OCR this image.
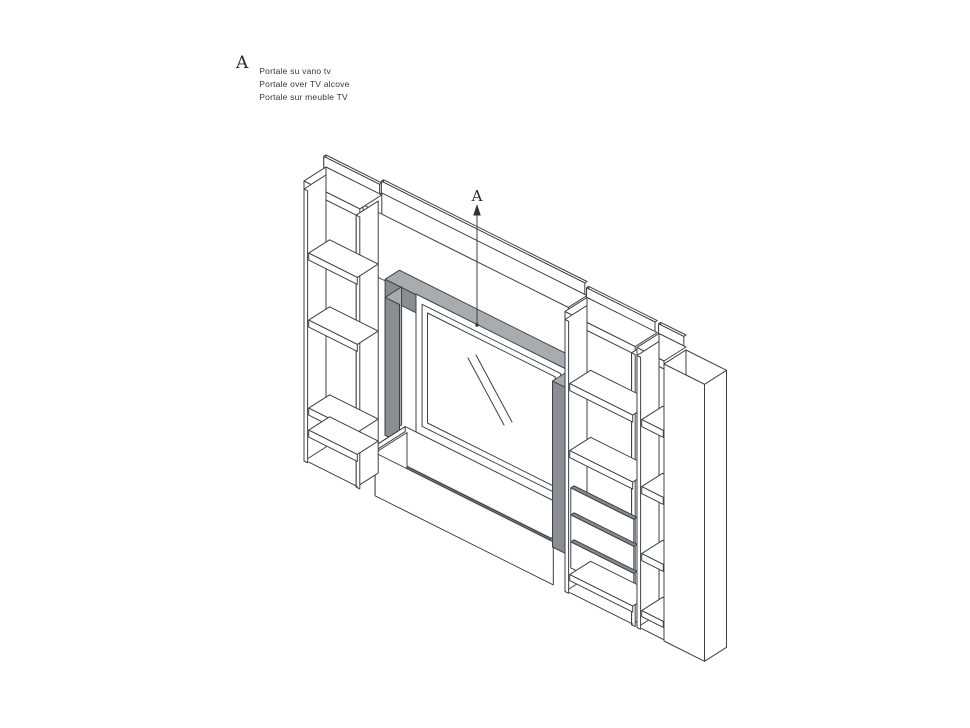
A Portale su vano tv
Portale over TV alcove
Portale sur meuble TV
A
